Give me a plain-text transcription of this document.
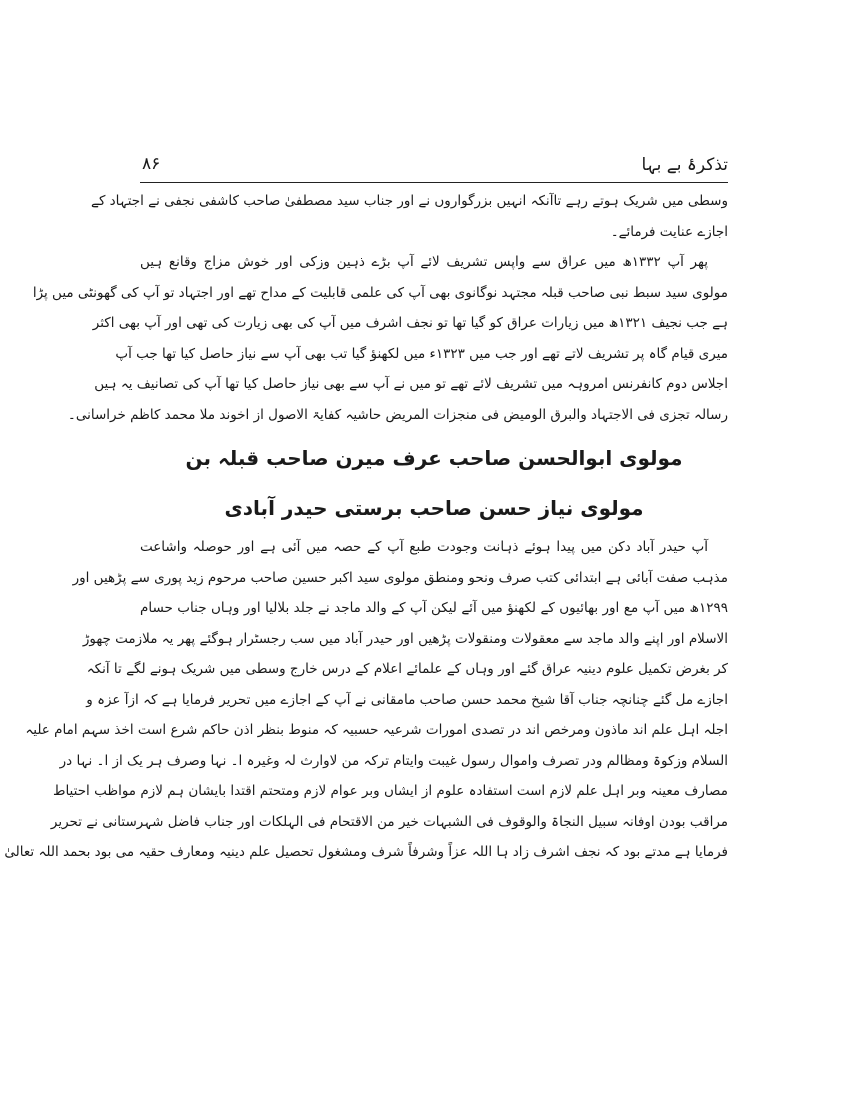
تذکرۂ بے بہا
۸۶
وسطی میں شریک ہوتے رہے تاآنکہ انہیں بزرگواروں نے اور جناب سید مصطفیٰ صاحب کاشفی نجفی نے اجتہاد کے
اجازے عنایت فرمائے۔
پھر آپ ۱۳۳۲ھ میں عراق سے واپس تشریف لائے آپ بڑے ذہین وزکی اور خوش مزاج وقانع ہیں
مولوی سید سبط نبی صاحب قبلہ مجتہد نوگانوی بھی آپ کی علمی قابلیت کے مداح تھے اور اجتہاد تو آپ کی گھونٹی میں پڑا
ہے جب نجیف ۱۳۲۱ھ میں زیارات عراق کو گیا تھا تو نجف اشرف میں آپ کی بھی زیارت کی تھی اور آپ بھی اکثر
میری قیام گاہ پر تشریف لاتے تھے اور جب میں ۱۳۲۳ء میں لکھنؤ گیا تب بھی آپ سے نیاز حاصل کیا تھا جب آپ
اجلاس دوم کانفرنس امروہہ میں تشریف لائے تھے تو میں نے آپ سے بھی نیاز حاصل کیا تھا آپ کی تصانیف یہ ہیں
رسالہ تجزی فی الاجتہاد والبرق الومیض فی منجزات المریض حاشیہ کفایۃ الاصول از اخوند ملا محمد کاظم خراسانی۔
مولوی ابوالحسن صاحب عرف میرن صاحب قبلہ بن
مولوی نیاز حسن صاحب برستی حیدر آبادی
آپ حیدر آباد دکن میں پیدا ہوئے ذہانت وجودت طبع آپ کے حصہ میں آئی ہے اور حوصلہ واشاعت
مذہب صفت آبائی ہے ابتدائی کتب صرف ونحو ومنطق مولوی سید اکبر حسین صاحب مرحوم زید پوری سے پڑھیں اور
۱۲۹۹ھ میں آپ مع اور بھائیوں کے لکھنؤ میں آئے لیکن آپ کے والد ماجد نے جلد بلالیا اور وہاں جناب حسام
الاسلام اور اپنے والد ماجد سے معقولات ومنقولات پڑھیں اور حیدر آباد میں سب رجسٹرار ہوگئے پھر یہ ملازمت چھوڑ
کر بغرض تکمیل علوم دینیہ عراق گئے اور وہاں کے علمائے اعلام کے درس خارج وسطی میں شریک ہونے لگے تا آنکہ
اجازے مل گئے چنانچہ جناب آقا شیخ محمد حسن صاحب مامقانی نے آپ کے اجازے میں تحریر فرمایا ہے کہ ازآ عزہ و
اجلہ اہل علم اند ماذون ومرخص اند در تصدی امورات شرعیہ حسبیہ کہ منوط بنظر اذن حاکم شرع است اخذ سہم امام علیہ
السلام وزکوۃ ومظالم ودر تصرف واموال رسول غیبت وایتام ترکہ من لاوارث لہ وغیرہ ا۔ نہا وصرف ہر یک از ا۔ نہا در
مصارف معینہ وبر اہل علم لازم است استفادہ علوم از ایشاں وبر عوام لازم ومتحتم اقتدا بایشان ہم لازم مواظب احتیاط
مراقب بودن اوفانہ سبیل النجاۃ والوقوف فی الشبہات خیر من الاقتحام فی الہلکات اور جناب فاضل شہرستانی نے تحریر
فرمایا ہے مدتے بود کہ نجف اشرف زاد ہا اللہ عزاً وشرفاً شرف ومشغول تحصیل علم دینیہ ومعارف حقیہ می بود بحمد اللہ تعالیٰ
